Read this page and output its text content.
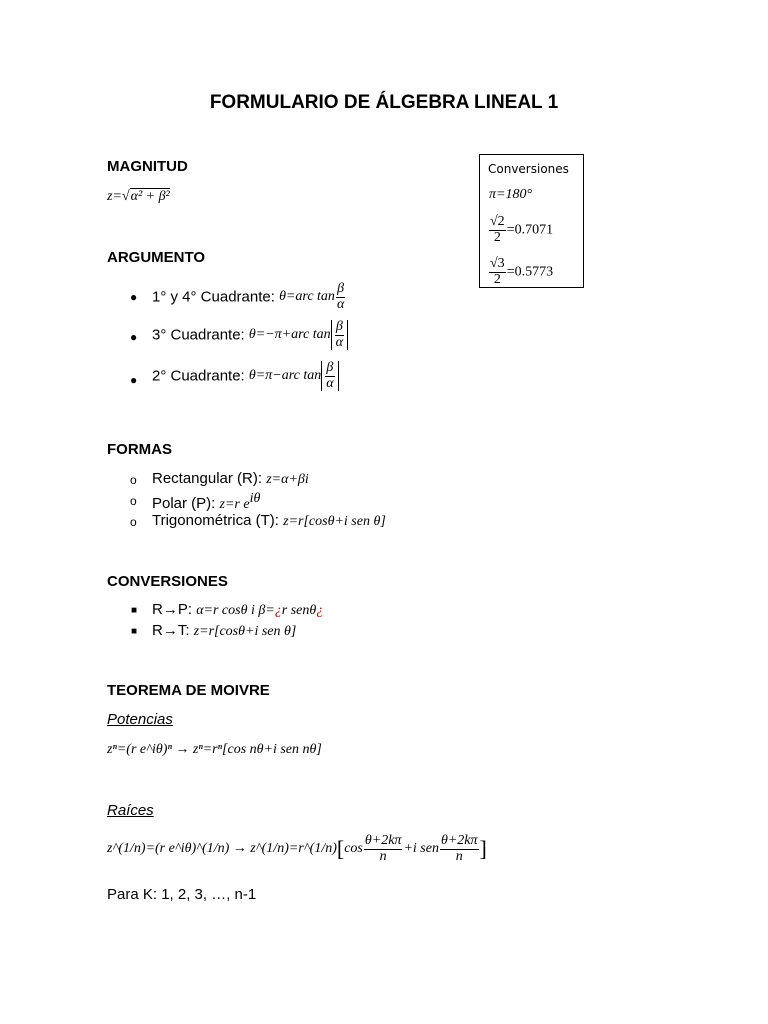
FORMULARIO DE ÁLGEBRA LINEAL 1
Conversiones
π=180°
$\frac{√2}{2} =0.7071$
$\frac{√3}{2} =0.5773$
MAGNITUD
z=√α² + β²
ARGUMENTO
● 1° y 4° Cuadrante: θ=arc $\tan \frac{\beta}{\alpha}$
● 3° Cuadrante: θ=−π+arc $\tan \frac{\beta}{\alpha}$
● 2° Cuadrante: θ=π−arc $\tan \frac{\beta}{\alpha}$
FORMAS
o Rectangular (R): z=α+βi
o Polar (P): z=r $e^{i\theta}$
o Trigonométrica (T): z=r[cosθ+i sen θ]
CONVERSIONES
■ R→P: α=r cosθ i β=¿r senθ¿
■ R→T: z=r[cosθ+i sen θ]
TEOREMA DE MOIVRE
Potencias
zⁿ=(r e^iθ)ⁿ → zⁿ=rⁿ[cos nθ+i sen nθ]
Raíces
z^(1/n)=(r e^iθ)^(1/n) → z^(1/n)=r^(1/n)[cos $\frac{\theta+2k\pi}{n} +i$ sen $\frac{\theta+2k\pi}{n}$ ]
Para K: 1, 2, 3, …, n-1
